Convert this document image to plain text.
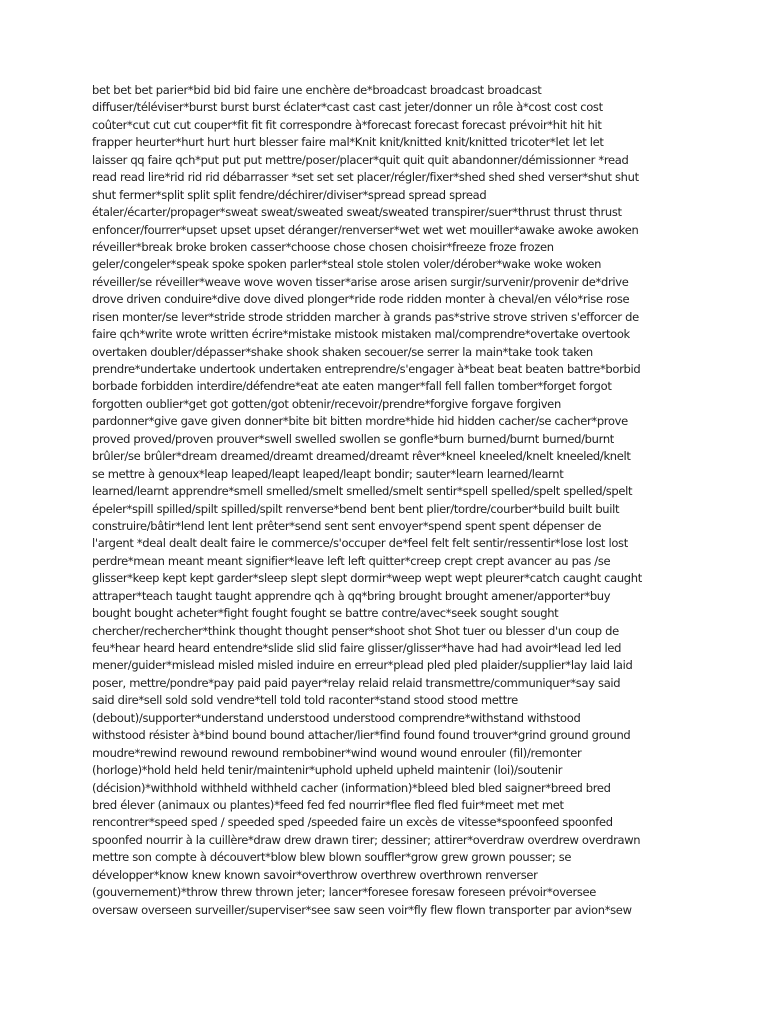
bet bet bet parier*bid bid bid faire une enchère de*broadcast broadcast broadcast
diffuser/téléviser*burst burst burst éclater*cast cast cast jeter/donner un rôle à*cost cost cost
coûter*cut cut cut couper*fit fit fit correspondre à*forecast forecast forecast prévoir*hit hit hit
frapper heurter*hurt hurt hurt blesser faire mal*Knit knit/knitted knit/knitted tricoter*let let let
laisser qq faire qch*put put put mettre/poser/placer*quit quit quit abandonner/démissionner *read
read read lire*rid rid rid débarrasser *set set set placer/régler/fixer*shed shed shed verser*shut shut
shut fermer*split split split fendre/déchirer/diviser*spread spread spread
étaler/écarter/propager*sweat sweat/sweated sweat/sweated transpirer/suer*thrust thrust thrust
enfoncer/fourrer*upset upset upset déranger/renverser*wet wet wet mouiller*awake awoke awoken
réveiller*break broke broken casser*choose chose chosen choisir*freeze froze frozen
geler/congeler*speak spoke spoken parler*steal stole stolen voler/dérober*wake woke woken
réveiller/se réveiller*weave wove woven tisser*arise arose arisen surgir/survenir/provenir de*drive
drove driven conduire*dive dove dived plonger*ride rode ridden monter à cheval/en vélo*rise rose
risen monter/se lever*stride strode stridden marcher à grands pas*strive strove striven s'efforcer de
faire qch*write wrote written écrire*mistake mistook mistaken mal/comprendre*overtake overtook
overtaken doubler/dépasser*shake shook shaken secouer/se serrer la main*take took taken
prendre*undertake undertook undertaken entreprendre/s'engager à*beat beat beaten battre*borbid
borbade forbidden interdire/défendre*eat ate eaten manger*fall fell fallen tomber*forget forgot
forgotten oublier*get got gotten/got obtenir/recevoir/prendre*forgive forgave forgiven
pardonner*give gave given donner*bite bit bitten mordre*hide hid hidden cacher/se cacher*prove
proved proved/proven prouver*swell swelled swollen se gonfle*burn burned/burnt burned/burnt
brûler/se brûler*dream dreamed/dreamt dreamed/dreamt rêver*kneel kneeled/knelt kneeled/knelt
se mettre à genoux*leap leaped/leapt leaped/leapt bondir; sauter*learn learned/learnt
learned/learnt apprendre*smell smelled/smelt smelled/smelt sentir*spell spelled/spelt spelled/spelt
épeler*spill spilled/spilt spilled/spilt renverse*bend bent bent plier/tordre/courber*build built built
construire/bâtir*lend lent lent prêter*send sent sent envoyer*spend spent spent dépenser de
l'argent *deal dealt dealt faire le commerce/s'occuper de*feel felt felt sentir/ressentir*lose lost lost
perdre*mean meant meant signifier*leave left left quitter*creep crept crept avancer au pas /se
glisser*keep kept kept garder*sleep slept slept dormir*weep wept wept pleurer*catch caught caught
attraper*teach taught taught apprendre qch à qq*bring brought brought amener/apporter*buy
bought bought acheter*fight fought fought se battre contre/avec*seek sought sought
chercher/rechercher*think thought thought penser*shoot shot Shot tuer ou blesser d'un coup de
feu*hear heard heard entendre*slide slid slid faire glisser/glisser*have had had avoir*lead led led
mener/guider*mislead misled misled induire en erreur*plead pled pled plaider/supplier*lay laid laid
poser, mettre/pondre*pay paid paid payer*relay relaid relaid transmettre/communiquer*say said
said dire*sell sold sold vendre*tell told told raconter*stand stood stood mettre
(debout)/supporter*understand understood understood comprendre*withstand withstood
withstood résister à*bind bound bound attacher/lier*find found found trouver*grind ground ground
moudre*rewind rewound rewound rembobiner*wind wound wound enrouler (fil)/remonter
(horloge)*hold held held tenir/maintenir*uphold upheld upheld maintenir (loi)/soutenir
(décision)*withhold withheld withheld cacher (information)*bleed bled bled saigner*breed bred
bred élever (animaux ou plantes)*feed fed fed nourrir*flee fled fled fuir*meet met met
rencontrer*speed sped / speeded sped /speeded faire un excès de vitesse*spoonfeed spoonfed
spoonfed nourrir à la cuillère*draw drew drawn tirer; dessiner; attirer*overdraw overdrew overdrawn
mettre son compte à découvert*blow blew blown souffler*grow grew grown pousser; se
développer*know knew known savoir*overthrow overthrew overthrown renverser
(gouvernement)*throw threw thrown jeter; lancer*foresee foresaw foreseen prévoir*oversee
oversaw overseen surveiller/superviser*see saw seen voir*fly flew flown transporter par avion*sew
